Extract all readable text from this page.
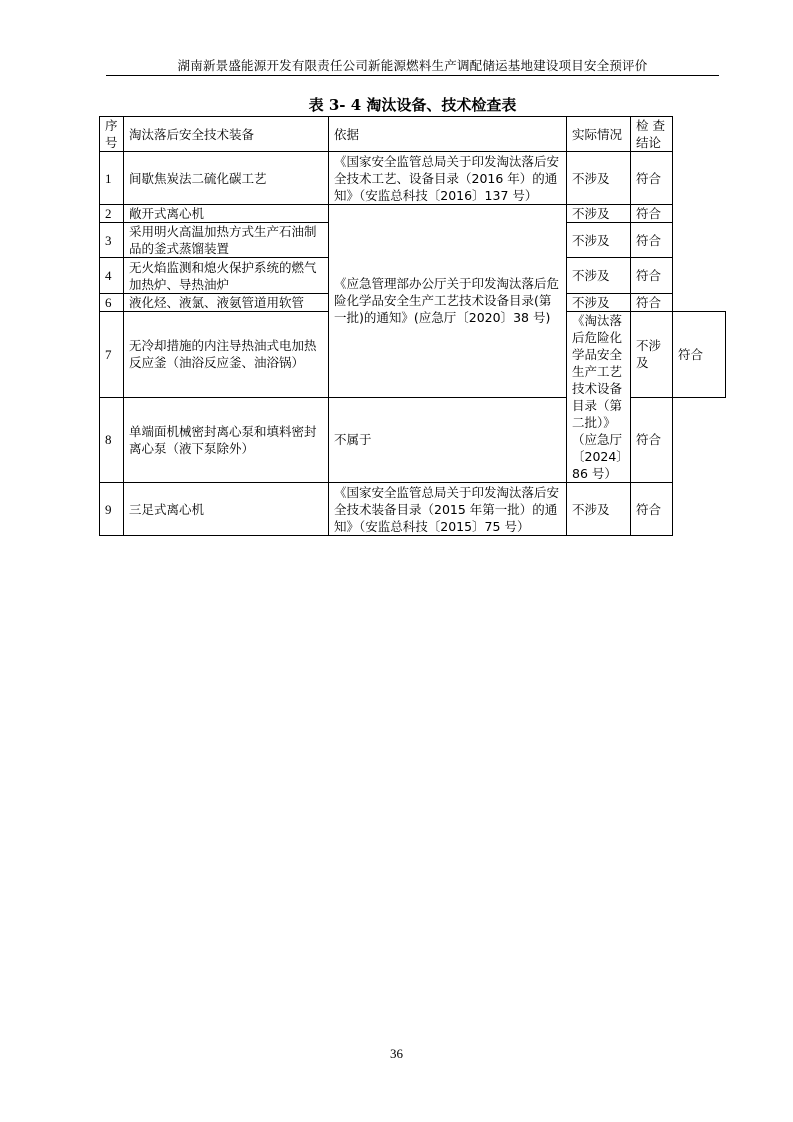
湖南新景盛能源开发有限责任公司新能源燃料生产调配储运基地建设项目安全预评价
表 3- 4 淘汰设备、技术检查表
序号	淘汰落后安全技术装备	依据	实际情况	检 查 结论	
1	间歇焦炭法二硫化碳工艺	《国家安全监管总局关于印发淘汰落后安全技术工艺、设备目录（2016 年）的通知》（安监总科技〔2016〕137 号）	不涉及	符合	
2	敞开式离心机	《应急管理部办公厅关于印发淘汰落后危险化学品安全生产工艺技术设备目录(第一批)的通知》(应急厅〔2020〕38 号)	不涉及	符合	
3	采用明火高温加热方式生产石油制品的釜式蒸馏装置		不涉及	符合	
4	无火焰监测和熄火保护系统的燃气加热炉、导热油炉		不涉及	符合	
6	液化烃、液氯、液氨管道用软管		不涉及	符合	
7	无冷却措施的内注导热油式电加热反应釜（油浴反应釜、油浴锅）		《淘汰落后危险化学品安全生产工艺技术设备目录（第二批）》（应急厅〔2024〕86 号）	不涉及	符合
8	单端面机械密封离心泵和填料密封离心泵（液下泵除外）	不属于		符合	
9	三足式离心机	《国家安全监管总局关于印发淘汰落后安全技术装备目录（2015 年第一批）的通知》（安监总科技〔2015〕75 号）	不涉及	符合	
36
